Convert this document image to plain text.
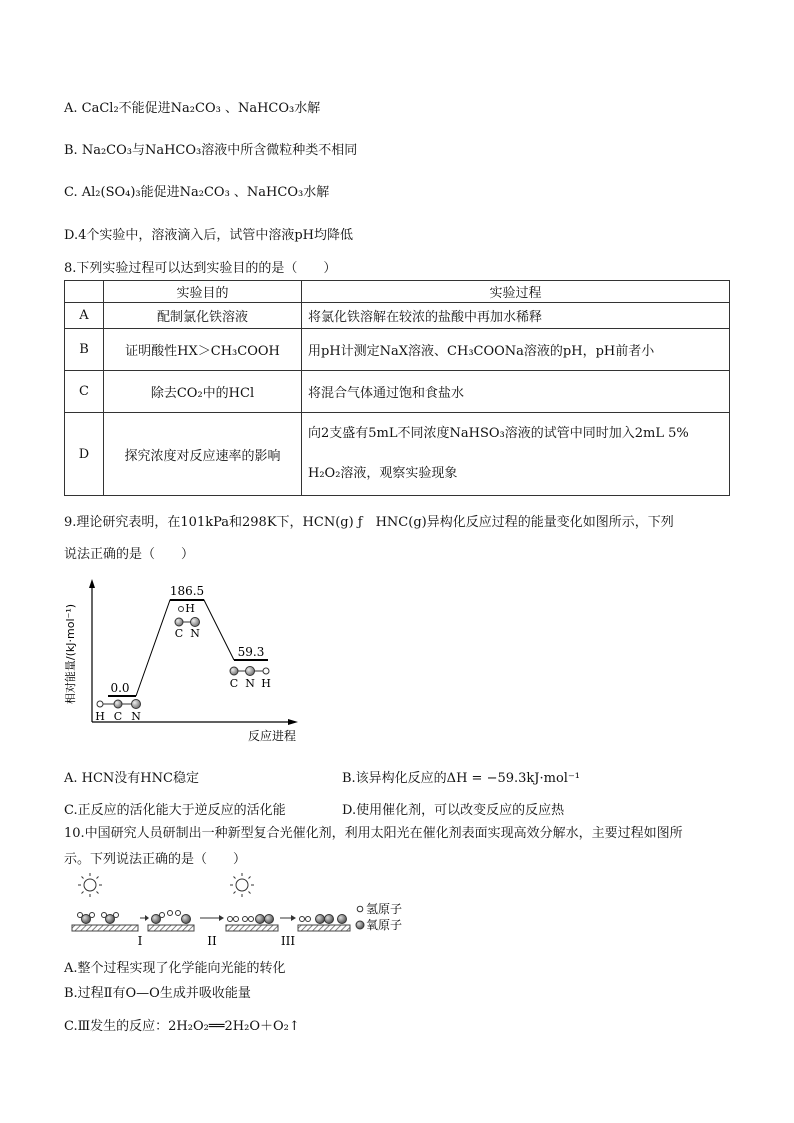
A. CaCl₂不能促进Na₂CO₃ 、NaHCO₃水解
B. Na₂CO₃与NaHCO₃溶液中所含微粒种类不相同
C. Al₂(SO₄)₃能促进Na₂CO₃ 、NaHCO₃水解
D.4个实验中，溶液滴入后，试管中溶液pH均降低
8.下列实验过程可以达到实验目的的是（　　）
	实验目的	实验过程
A	配制氯化铁溶液	将氯化铁溶解在较浓的盐酸中再加水稀释
B	证明酸性HX＞CH₃COOH	用pH计测定NaX溶液、CH₃COONa溶液的pH，pH前者小
C	除去CO₂中的HCl	将混合气体通过饱和食盐水
D	探究浓度对反应速率的影响	向2支盛有5mL不同浓度NaHSO₃溶液的试管中同时加入2mL 5%
H₂O₂溶液，观察实验现象
9.理论研究表明，在101kPa和298K下，HCN(g) ƒ　HNC(g)异构化反应过程的能量变化如图所示，下列
说法正确的是（　　）
相对能量/(kJ·mol⁻¹)
反应进程
0.0
186.5
59.3
H C N
H
C N
C N H
A. HCN没有HNC稳定	B.该异构化反应的ΔH = −59.3kJ·mol⁻¹
C.正反应的活化能大于逆反应的活化能	D.使用催化剂，可以改变反应的反应热
10.中国研究人员研制出一种新型复合光催化剂，利用太阳光在催化剂表面实现高效分解水，主要过程如图所
示。下列说法正确的是（　　）
I	II	III
氢原子
氧原子
A.整个过程实现了化学能向光能的转化
B.过程Ⅱ有O—O生成并吸收能量
C.Ⅲ发生的反应：2H₂O₂══2H₂O＋O₂↑
